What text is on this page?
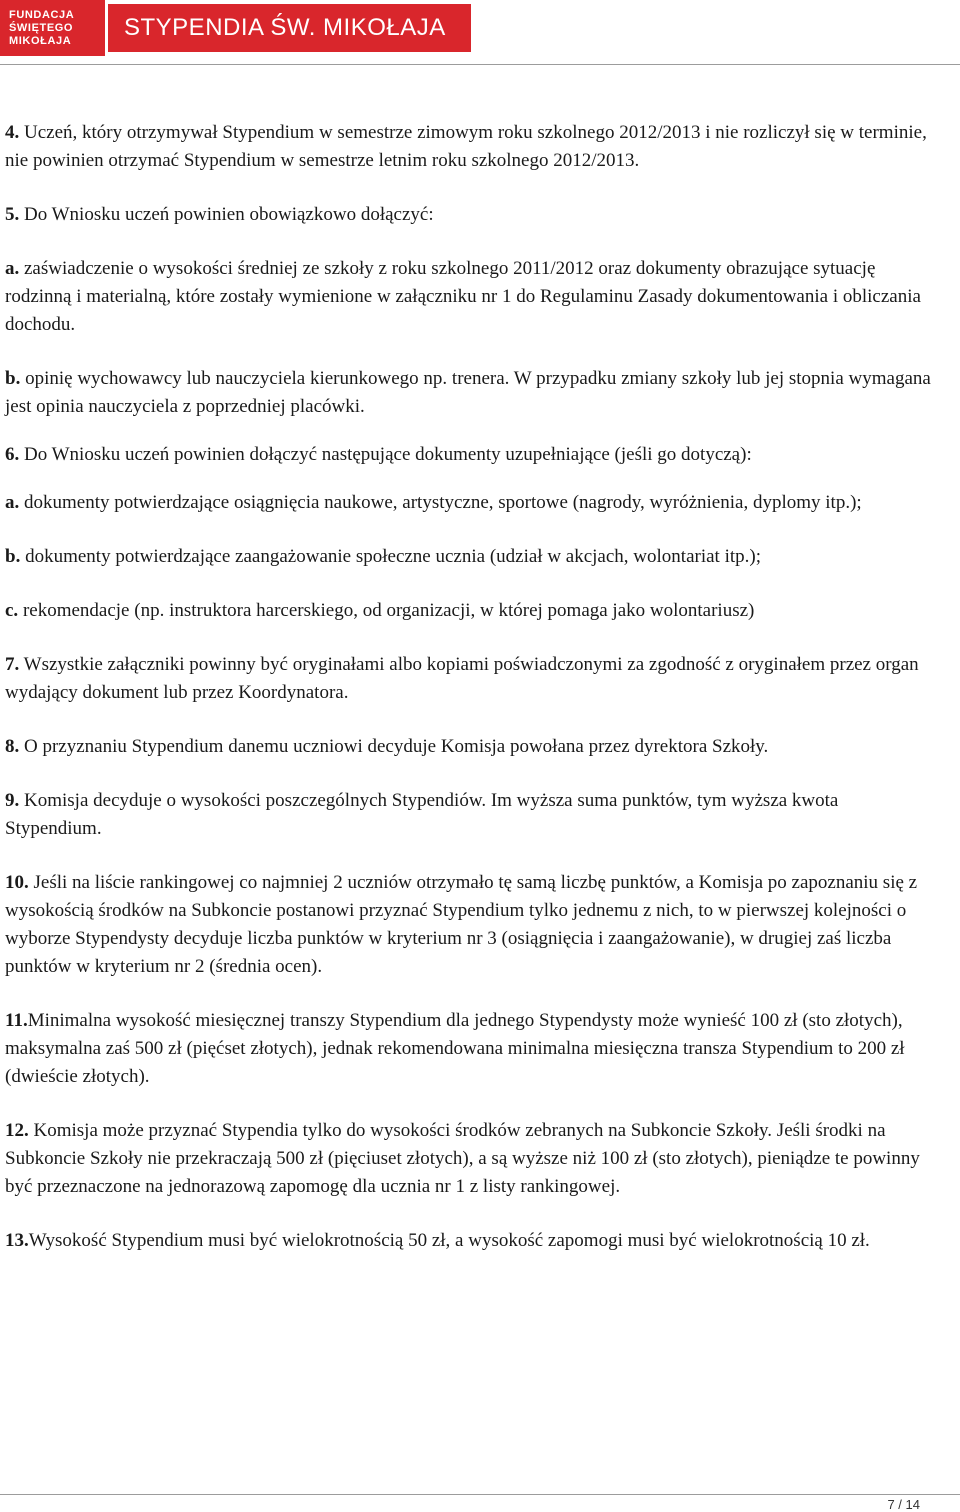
FUNDACJA
ŚWIĘTEGO
MIKOŁAJA	STYPENDIA ŚW. MIKOŁAJA

4. Uczeń, który otrzymywał Stypendium w semestrze zimowym roku szkolnego 2012/2013 i nie rozliczył się w terminie, nie powinien otrzymać Stypendium w semestrze letnim roku szkolnego 2012/2013.

5. Do Wniosku uczeń powinien obowiązkowo dołączyć:

a. zaświadczenie o wysokości średniej ze szkoły z roku szkolnego 2011/2012 oraz dokumenty obrazujące sytuację rodzinną i materialną, które zostały wymienione w załączniku nr 1 do Regulaminu Zasady dokumentowania i obliczania dochodu.

b. opinię wychowawcy lub nauczyciela kierunkowego np. trenera. W przypadku zmiany szkoły lub jej stopnia wymagana jest opinia nauczyciela z poprzedniej placówki.

6. Do Wniosku uczeń powinien dołączyć następujące dokumenty uzupełniające (jeśli go dotyczą):

a. dokumenty potwierdzające osiągnięcia naukowe, artystyczne, sportowe (nagrody, wyróżnienia, dyplomy itp.);

b. dokumenty potwierdzające zaangażowanie społeczne ucznia (udział w akcjach, wolontariat itp.);

c. rekomendacje (np. instruktora harcerskiego, od organizacji, w której pomaga jako wolontariusz)

7. Wszystkie załączniki powinny być oryginałami albo kopiami poświadczonymi za zgodność z oryginałem przez organ wydający dokument lub przez Koordynatora.

8. O przyznaniu Stypendium danemu uczniowi decyduje Komisja powołana przez dyrektora Szkoły.

9. Komisja decyduje o wysokości poszczególnych Stypendiów. Im wyższa suma punktów, tym wyższa kwota Stypendium.

10. Jeśli na liście rankingowej co najmniej 2 uczniów otrzymało tę samą liczbę punktów, a Komisja po zapoznaniu się z wysokością środków na Subkoncie postanowi przyznać Stypendium tylko jednemu z nich, to w pierwszej kolejności o wyborze Stypendysty decyduje liczba punktów w kryterium nr 3 (osiągnięcia i zaangażowanie), w drugiej zaś liczba punktów w kryterium nr 2 (średnia ocen).

11.Minimalna wysokość miesięcznej transzy Stypendium dla jednego Stypendysty może wynieść 100 zł (sto złotych), maksymalna zaś 500 zł (pięćset złotych), jednak rekomendowana minimalna miesięczna transza Stypendium to 200 zł (dwieście złotych).

12. Komisja może przyznać Stypendia tylko do wysokości środków zebranych na Subkoncie Szkoły. Jeśli środki na Subkoncie Szkoły nie przekraczają 500 zł (pięciuset złotych), a są wyższe niż 100 zł (sto złotych), pieniądze te powinny być przeznaczone na jednorazową zapomogę dla ucznia nr 1 z listy rankingowej.

13.Wysokość Stypendium musi być wielokrotnością 50 zł, a wysokość zapomogi musi być wielokrotnością 10 zł.

7 / 14
